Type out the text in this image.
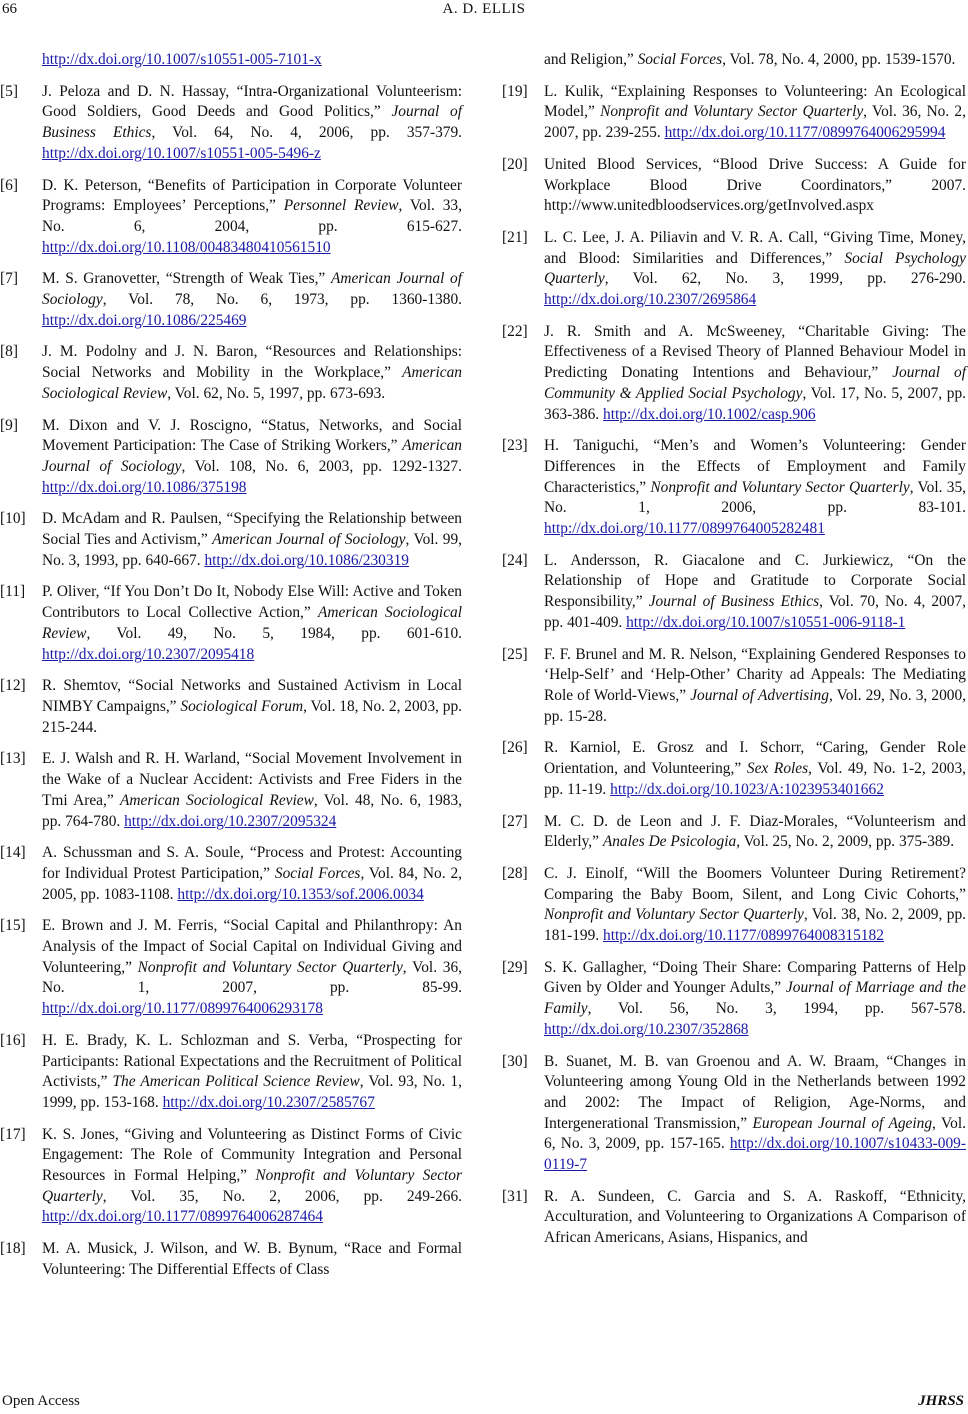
66	A. D. ELLIS
http://dx.doi.org/10.1007/s10551-005-7101-x
[5] J. Peloza and D. N. Hassay, “Intra-Organizational Volunteerism: Good Soldiers, Good Deeds and Good Politics,” Journal of Business Ethics, Vol. 64, No. 4, 2006, pp. 357-379. http://dx.doi.org/10.1007/s10551-005-5496-z
[6] D. K. Peterson, “Benefits of Participation in Corporate Volunteer Programs: Employees’ Perceptions,” Personnel Review, Vol. 33, No. 6, 2004, pp. 615-627. http://dx.doi.org/10.1108/00483480410561510
[7] M. S. Granovetter, “Strength of Weak Ties,” American Journal of Sociology, Vol. 78, No. 6, 1973, pp. 1360-1380. http://dx.doi.org/10.1086/225469
[8] J. M. Podolny and J. N. Baron, “Resources and Relationships: Social Networks and Mobility in the Workplace,” American Sociological Review, Vol. 62, No. 5, 1997, pp. 673-693.
[9] M. Dixon and V. J. Roscigno, “Status, Networks, and Social Movement Participation: The Case of Striking Workers,” American Journal of Sociology, Vol. 108, No. 6, 2003, pp. 1292-1327. http://dx.doi.org/10.1086/375198
[10] D. McAdam and R. Paulsen, “Specifying the Relationship between Social Ties and Activism,” American Journal of Sociology, Vol. 99, No. 3, 1993, pp. 640-667. http://dx.doi.org/10.1086/230319
[11] P. Oliver, “If You Don’t Do It, Nobody Else Will: Active and Token Contributors to Local Collective Action,” American Sociological Review, Vol. 49, No. 5, 1984, pp. 601-610. http://dx.doi.org/10.2307/2095418
[12] R. Shemtov, “Social Networks and Sustained Activism in Local NIMBY Campaigns,” Sociological Forum, Vol. 18, No. 2, 2003, pp. 215-244.
[13] E. J. Walsh and R. H. Warland, “Social Movement Involvement in the Wake of a Nuclear Accident: Activists and Free Fiders in the Tmi Area,” American Sociological Review, Vol. 48, No. 6, 1983, pp. 764-780. http://dx.doi.org/10.2307/2095324
[14] A. Schussman and S. A. Soule, “Process and Protest: Accounting for Individual Protest Participation,” Social Forces, Vol. 84, No. 2, 2005, pp. 1083-1108. http://dx.doi.org/10.1353/sof.2006.0034
[15] E. Brown and J. M. Ferris, “Social Capital and Philanthropy: An Analysis of the Impact of Social Capital on Individual Giving and Volunteering,” Nonprofit and Voluntary Sector Quarterly, Vol. 36, No. 1, 2007, pp. 85-99. http://dx.doi.org/10.1177/0899764006293178
[16] H. E. Brady, K. L. Schlozman and S. Verba, “Prospecting for Participants: Rational Expectations and the Recruitment of Political Activists,” The American Political Science Review, Vol. 93, No. 1, 1999, pp. 153-168. http://dx.doi.org/10.2307/2585767
[17] K. S. Jones, “Giving and Volunteering as Distinct Forms of Civic Engagement: The Role of Community Integration and Personal Resources in Formal Helping,” Nonprofit and Voluntary Sector Quarterly, Vol. 35, No. 2, 2006, pp. 249-266. http://dx.doi.org/10.1177/0899764006287464
[18] M. A. Musick, J. Wilson, and W. B. Bynum, “Race and Formal Volunteering: The Differential Effects of Class
and Religion,” Social Forces, Vol. 78, No. 4, 2000, pp. 1539-1570.
[19] L. Kulik, “Explaining Responses to Volunteering: An Ecological Model,” Nonprofit and Voluntary Sector Quarterly, Vol. 36, No. 2, 2007, pp. 239-255. http://dx.doi.org/10.1177/0899764006295994
[20] United Blood Services, “Blood Drive Success: A Guide for Workplace Blood Drive Coordinators,” 2007. http://www.unitedbloodservices.org/getInvolved.aspx
[21] L. C. Lee, J. A. Piliavin and V. R. A. Call, “Giving Time, Money, and Blood: Similarities and Differences,” Social Psychology Quarterly, Vol. 62, No. 3, 1999, pp. 276-290. http://dx.doi.org/10.2307/2695864
[22] J. R. Smith and A. McSweeney, “Charitable Giving: The Effectiveness of a Revised Theory of Planned Behaviour Model in Predicting Donating Intentions and Behaviour,” Journal of Community & Applied Social Psychology, Vol. 17, No. 5, 2007, pp. 363-386. http://dx.doi.org/10.1002/casp.906
[23] H. Taniguchi, “Men’s and Women’s Volunteering: Gender Differences in the Effects of Employment and Family Characteristics,” Nonprofit and Voluntary Sector Quarterly, Vol. 35, No. 1, 2006, pp. 83-101. http://dx.doi.org/10.1177/0899764005282481
[24] L. Andersson, R. Giacalone and C. Jurkiewicz, “On the Relationship of Hope and Gratitude to Corporate Social Responsibility,” Journal of Business Ethics, Vol. 70, No. 4, 2007, pp. 401-409. http://dx.doi.org/10.1007/s10551-006-9118-1
[25] F. F. Brunel and M. R. Nelson, “Explaining Gendered Responses to ‘Help-Self’ and ‘Help-Other’ Charity ad Appeals: The Mediating Role of World-Views,” Journal of Advertising, Vol. 29, No. 3, 2000, pp. 15-28.
[26] R. Karniol, E. Grosz and I. Schorr, “Caring, Gender Role Orientation, and Volunteering,” Sex Roles, Vol. 49, No. 1-2, 2003, pp. 11-19. http://dx.doi.org/10.1023/A:1023953401662
[27] M. C. D. de Leon and J. F. Diaz-Morales, “Volunteerism and Elderly,” Anales De Psicologia, Vol. 25, No. 2, 2009, pp. 375-389.
[28] C. J. Einolf, “Will the Boomers Volunteer During Retirement? Comparing the Baby Boom, Silent, and Long Civic Cohorts,” Nonprofit and Voluntary Sector Quarterly, Vol. 38, No. 2, 2009, pp. 181-199. http://dx.doi.org/10.1177/0899764008315182
[29] S. K. Gallagher, “Doing Their Share: Comparing Patterns of Help Given by Older and Younger Adults,” Journal of Marriage and the Family, Vol. 56, No. 3, 1994, pp. 567-578. http://dx.doi.org/10.2307/352868
[30] B. Suanet, M. B. van Groenou and A. W. Braam, “Changes in Volunteering among Young Old in the Netherlands between 1992 and 2002: The Impact of Religion, Age-Norms, and Intergenerational Transmission,” European Journal of Ageing, Vol. 6, No. 3, 2009, pp. 157-165. http://dx.doi.org/10.1007/s10433-009-0119-7
[31] R. A. Sundeen, C. Garcia and S. A. Raskoff, “Ethnicity, Acculturation, and Volunteering to Organizations A Comparison of African Americans, Asians, Hispanics, and
Open Access	JHRSS
